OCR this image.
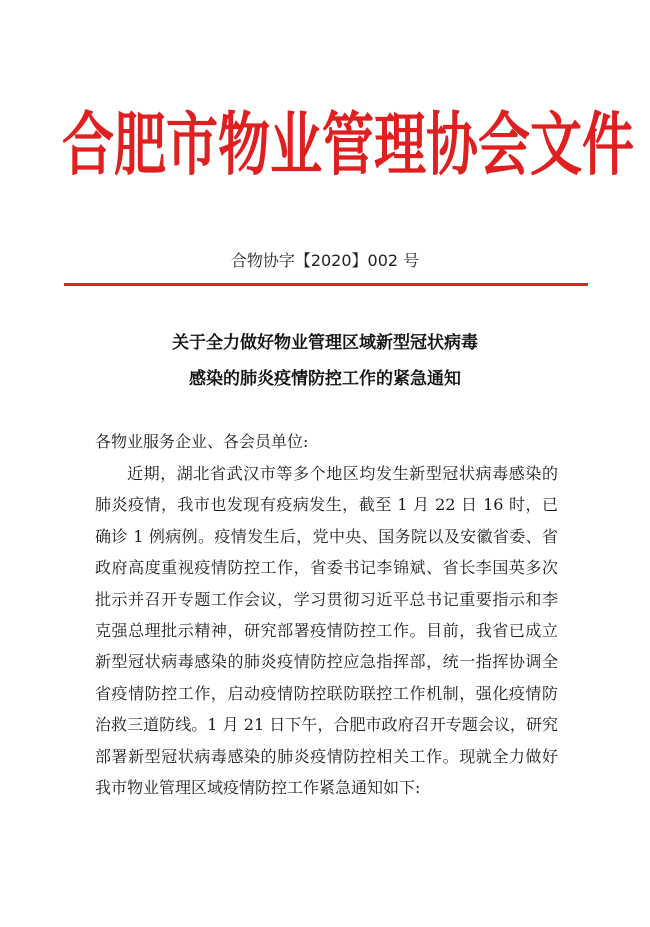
合肥市物业管理协会文件
合物协字【2020】002 号
关于全力做好物业管理区域新型冠状病毒
感染的肺炎疫情防控工作的紧急通知
各物业服务企业、各会员单位:

近期，湖北省武汉市等多个地区均发生新型冠状病毒感染的肺炎疫情，我市也发现有疫病发生，截至 1 月 22 日 16 时，已确诊 1 例病例。疫情发生后，党中央、国务院以及安徽省委、省政府高度重视疫情防控工作，省委书记李锦斌、省长李国英多次批示并召开专题工作会议，学习贯彻习近平总书记重要指示和李克强总理批示精神，研究部署疫情防控工作。目前，我省已成立新型冠状病毒感染的肺炎疫情防控应急指挥部，统一指挥协调全省疫情防控工作，启动疫情防控联防联控工作机制，强化疫情防治救三道防线。1 月 21 日下午，合肥市政府召开专题会议，研究部署新型冠状病毒感染的肺炎疫情防控相关工作。现就全力做好我市物业管理区域疫情防控工作紧急通知如下:
